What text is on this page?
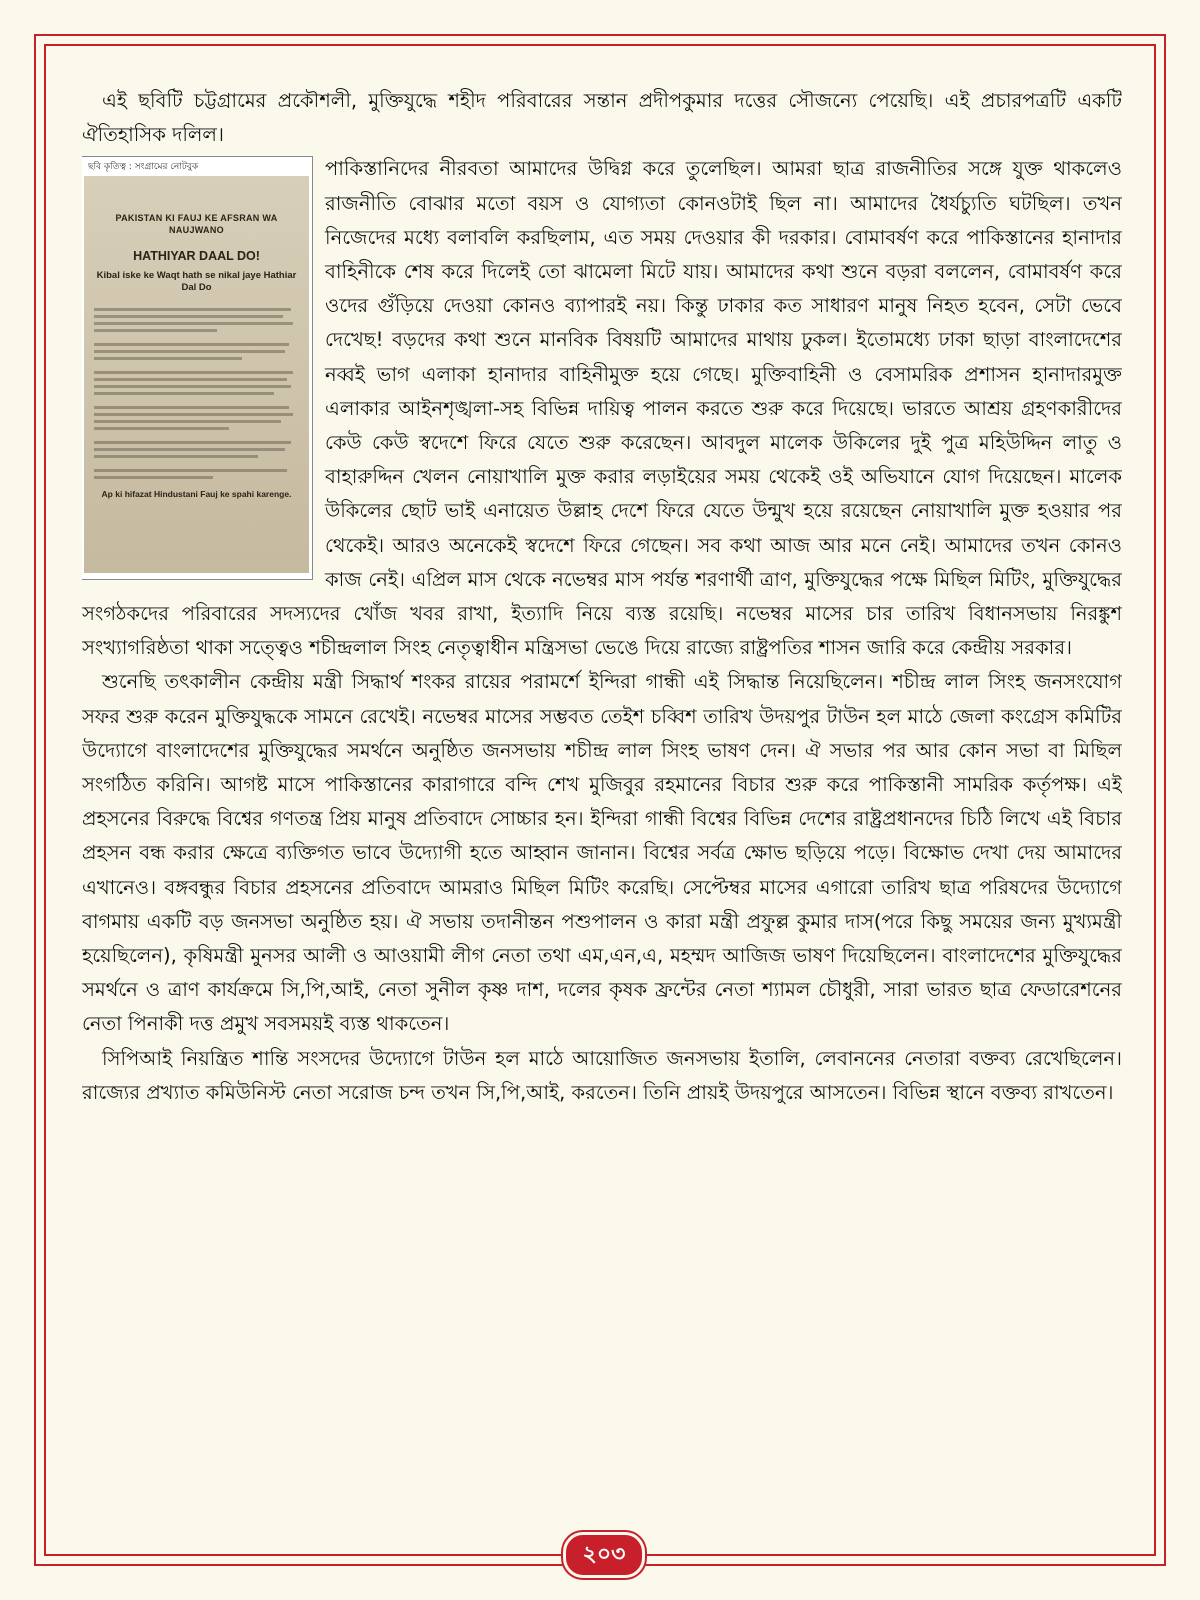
এই ছবিটি চট্টগ্রামের প্রকৌশলী, মুক্তিযুদ্ধে শহীদ পরিবারের সন্তান প্রদীপকুমার দত্তের সৌজন্যে পেয়েছি। এই প্রচারপত্রটি একটি ঐতিহাসিক দলিল।

ছবি কৃতিত্ব : সংগ্রামের নোটবুক
PAKISTAN KI FAUJ KE AFSRAN WA NAUJWANO
HATHIYAR DAAL DO!
Kibal iske ke Waqt hath se nikal jaye Hathiar Dal Do
Ap ki hifazat Hindustani Fauj ke spahi karenge.

পাকিস্তানিদের নীরবতা আমাদের উদ্বিগ্ন করে তুলেছিল। আমরা ছাত্র রাজনীতির সঙ্গে যুক্ত থাকলেও রাজনীতি বোঝার মতো বয়স ও যোগ্যতা কোনওটাই ছিল না। আমাদের ধৈর্যচ্যুতি ঘটছিল। তখন নিজেদের মধ্যে বলাবলি করছিলাম, এত সময় দেওয়ার কী দরকার। বোমাবর্ষণ করে পাকিস্তানের হানাদার বাহিনীকে শেষ করে দিলেই তো ঝামেলা মিটে যায়। আমাদের কথা শুনে বড়রা বললেন, বোমাবর্ষণ করে ওদের গুঁড়িয়ে দেওয়া কোনও ব্যাপারই নয়। কিন্তু ঢাকার কত সাধারণ মানুষ নিহত হবেন, সেটা ভেবে দেখেছ! বড়দের কথা শুনে মানবিক বিষয়টি আমাদের মাথায় ঢুকল। ইতোমধ্যে ঢাকা ছাড়া বাংলাদেশের নব্বই ভাগ এলাকা হানাদার বাহিনীমুক্ত হয়ে গেছে। মুক্তিবাহিনী ও বেসামরিক প্রশাসন হানাদারমুক্ত এলাকার আইনশৃঙ্খলা-সহ বিভিন্ন দায়িত্ব পালন করতে শুরু করে দিয়েছে। ভারতে আশ্রয় গ্রহণকারীদের কেউ কেউ স্বদেশে ফিরে যেতে শুরু করেছেন। আবদুল মালেক উকিলের দুই পুত্র মহিউদ্দিন লাতু ও বাহারুদ্দিন খেলন নোয়াখালি মুক্ত করার লড়াইয়ের সময় থেকেই ওই অভিযানে যোগ দিয়েছেন। মালেক উকিলের ছোট ভাই এনায়েত উল্লাহ দেশে ফিরে যেতে উন্মুখ হয়ে রয়েছেন নোয়াখালি মুক্ত হওয়ার পর থেকেই। আরও অনেকেই স্বদেশে ফিরে গেছেন। সব কথা আজ আর মনে নেই। আমাদের তখন কোনও কাজ নেই। এপ্রিল মাস থেকে নভেম্বর মাস পর্যন্ত শরণার্থী ত্রাণ, মুক্তিযুদ্ধের পক্ষে মিছিল মিটিং, মুক্তিযুদ্ধের সংগঠকদের পরিবারের সদস্যদের খোঁজ খবর রাখা, ইত্যাদি নিয়ে ব্যস্ত রয়েছি। নভেম্বর মাসের চার তারিখ বিধানসভায় নিরঙ্কুশ সংখ্যাগরিষ্ঠতা থাকা সত্ত্বেও শচীন্দ্রলাল সিংহ নেতৃত্বাধীন মন্ত্রিসভা ভেঙে দিয়ে রাজ্যে রাষ্ট্রপতির শাসন জারি করে কেন্দ্রীয় সরকার।

শুনেছি তৎকালীন কেন্দ্রীয় মন্ত্রী সিদ্ধার্থ শংকর রায়ের পরামর্শে ইন্দিরা গান্ধী এই সিদ্ধান্ত নিয়েছিলেন। শচীন্দ্র লাল সিংহ জনসংযোগ সফর শুরু করেন মুক্তিযুদ্ধকে সামনে রেখেই। নভেম্বর মাসের সম্ভবত তেইশ চব্বিশ তারিখ উদয়পুর টাউন হল মাঠে জেলা কংগ্রেস কমিটির উদ্যোগে বাংলাদেশের মুক্তিযুদ্ধের সমর্থনে অনুষ্ঠিত জনসভায় শচীন্দ্র লাল সিংহ ভাষণ দেন। ঐ সভার পর আর কোন সভা বা মিছিল সংগঠিত করিনি। আগষ্ট মাসে পাকিস্তানের কারাগারে বন্দি শেখ মুজিবুর রহমানের বিচার শুরু করে পাকিস্তানী সামরিক কর্তৃপক্ষ। এই প্রহসনের বিরুদ্ধে বিশ্বের গণতন্ত্র প্রিয় মানুষ প্রতিবাদে সোচ্চার হন। ইন্দিরা গান্ধী বিশ্বের বিভিন্ন দেশের রাষ্ট্রপ্রধানদের চিঠি লিখে এই বিচার প্রহসন বন্ধ করার ক্ষেত্রে ব্যক্তিগত ভাবে উদ্যোগী হতে আহ্বান জানান। বিশ্বের সর্বত্র ক্ষোভ ছড়িয়ে পড়ে। বিক্ষোভ দেখা দেয় আমাদের এখানেও। বঙ্গবন্ধুর বিচার প্রহসনের প্রতিবাদে আমরাও মিছিল মিটিং করেছি। সেপ্টেম্বর মাসের এগারো তারিখ ছাত্র পরিষদের উদ্যোগে বাগমায় একটি বড় জনসভা অনুষ্ঠিত হয়। ঐ সভায় তদানীন্তন পশুপালন ও কারা মন্ত্রী প্রফুল্ল কুমার দাস(পরে কিছু সময়ের জন্য মুখ্যমন্ত্রী হয়েছিলেন), কৃষিমন্ত্রী মুনসর আলী ও আওয়ামী লীগ নেতা তথা এম,এন,এ, মহম্মদ আজিজ ভাষণ দিয়েছিলেন। বাংলাদেশের মুক্তিযুদ্ধের সমর্থনে ও ত্রাণ কার্যক্রমে সি,পি,আই, নেতা সুনীল কৃষ্ণ দাশ, দলের কৃষক ফ্রন্টের নেতা শ্যামল চৌধুরী, সারা ভারত ছাত্র ফেডারেশনের নেতা পিনাকী দত্ত প্রমুখ সবসময়ই ব্যস্ত থাকতেন।

সিপিআই নিয়ন্ত্রিত শান্তি সংসদের উদ্যোগে টাউন হল মাঠে আয়োজিত জনসভায় ইতালি, লেবাননের নেতারা বক্তব্য রেখেছিলেন। রাজ্যের প্রখ্যাত কমিউনিস্ট নেতা সরোজ চন্দ তখন সি,পি,আই, করতেন। তিনি প্রায়ই উদয়পুরে আসতেন। বিভিন্ন স্থানে বক্তব্য রাখতেন।

২০৩
